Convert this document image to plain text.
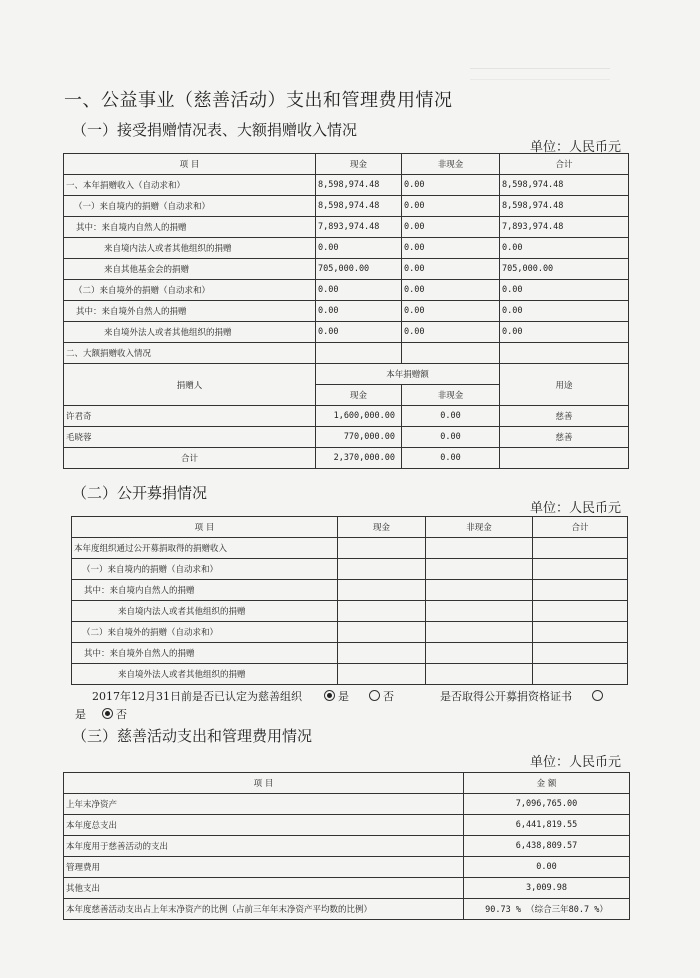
一、公益事业（慈善活动）支出和管理费用情况
（一）接受捐赠情况表、大额捐赠收入情况
单位：人民币元
项 目	现金	非现金	合计
一、本年捐赠收入（自动求和）	8,598,974.48	0.00	8,598,974.48
（一）来自境内的捐赠（自动求和）	8,598,974.48	0.00	8,598,974.48
其中：来自境内自然人的捐赠	7,893,974.48	0.00	7,893,974.48
来自境内法人或者其他组织的捐赠	0.00	0.00	0.00
来自其他基金会的捐赠	705,000.00	0.00	705,000.00
（二）来自境外的捐赠（自动求和）	0.00	0.00	0.00
其中：来自境外自然人的捐赠	0.00	0.00	0.00
来自境外法人或者其他组织的捐赠	0.00	0.00	0.00
二、大额捐赠收入情况			
捐赠人	本年捐赠额		用途
	现金	非现金	
许君奇	1,600,000.00	0.00	慈善
毛晓蓉	770,000.00	0.00	慈善
合计	2,370,000.00	0.00	
（二）公开募捐情况
单位：人民币元
项 目	现金	非现金	合计
本年度组织通过公开募捐取得的捐赠收入			
（一）来自境内的捐赠（自动求和）			
其中：来自境内自然人的捐赠			
来自境内法人或者其他组织的捐赠			
（二）来自境外的捐赠（自动求和）			
其中：来自境外自然人的捐赠			
来自境外法人或者其他组织的捐赠			
2017年12月31日前是否已认定为慈善组织	是	否	是否取得公开募捐资格证书
是	否
（三）慈善活动支出和管理费用情况
单位：人民币元
项 目	金 额
上年末净资产	7,096,765.00
本年度总支出	6,441,819.55
本年度用于慈善活动的支出	6,438,809.57
管理费用	0.00
其他支出	3,009.98
本年度慈善活动支出占上年末净资产的比例（占前三年年末净资产平均数的比例）	90.73 % （综合三年80.7 %）
